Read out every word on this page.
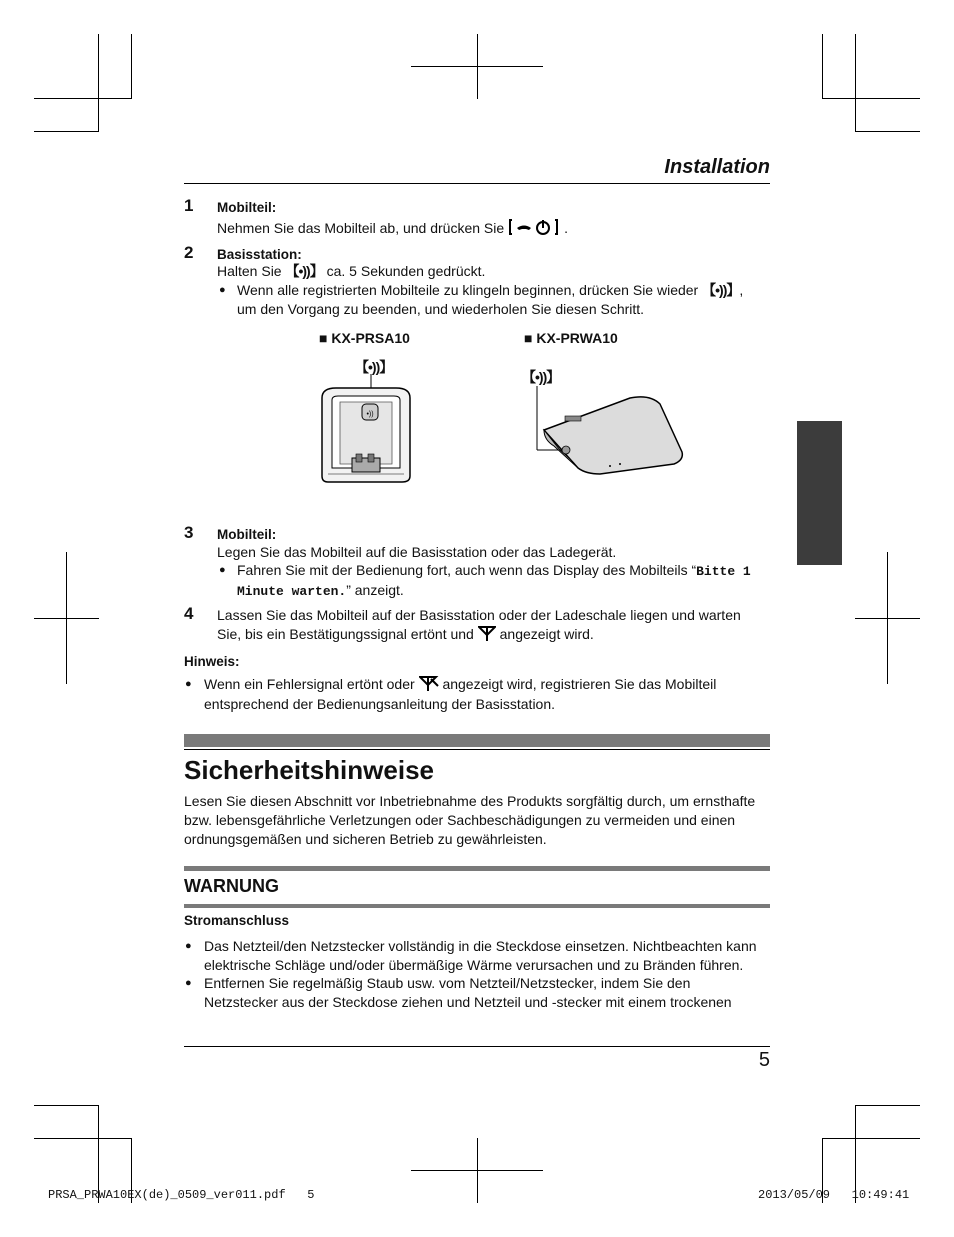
Installation
1 Mobilteil:
Nehmen Sie das Mobilteil ab, und drücken Sie	.
2 Basisstation:
Halten Sie 【•))】 ca. 5 Sekunden gedrückt.
● Wenn alle registrierten Mobilteile zu klingeln beginnen, drücken Sie wieder 【•))】,
um den Vorgang zu beenden, und wiederholen Sie diesen Schritt.
■ KX-PRSA10	■ KX-PRWA10
【•))】
【•))】
•))
3 Mobilteil:
Legen Sie das Mobilteil auf die Basisstation oder das Ladegerät.
● Fahren Sie mit der Bedienung fort, auch wenn das Display des Mobilteils “Bitte 1
Minute warten.” anzeigt.
4 Lassen Sie das Mobilteil auf der Basisstation oder der Ladeschale liegen und warten
Sie, bis ein Bestätigungssignal ertönt und angezeigt wird.
Hinweis:
● Wenn ein Fehlersignal ertönt oder angezeigt wird, registrieren Sie das Mobilteil
entsprechend der Bedienungsanleitung der Basisstation.
Sicherheitshinweise
Lesen Sie diesen Abschnitt vor Inbetriebnahme des Produkts sorgfältig durch, um ernsthafte
bzw. lebensgefährliche Verletzungen oder Sachbeschädigungen zu vermeiden und einen
ordnungsgemäßen und sicheren Betrieb zu gewährleisten.
WARNUNG
Stromanschluss
● Das Netzteil/den Netzstecker vollständig in die Steckdose einsetzen. Nichtbeachten kann
elektrische Schläge und/oder übermäßige Wärme verursachen und zu Bränden führen.
● Entfernen Sie regelmäßig Staub usw. vom Netzteil/Netzstecker, indem Sie den
Netzstecker aus der Steckdose ziehen und Netzteil und -stecker mit einem trockenen
5
PRSA_PRWA10EX(de)_0509_ver011.pdf   5	2013/05/09   10:49:41
